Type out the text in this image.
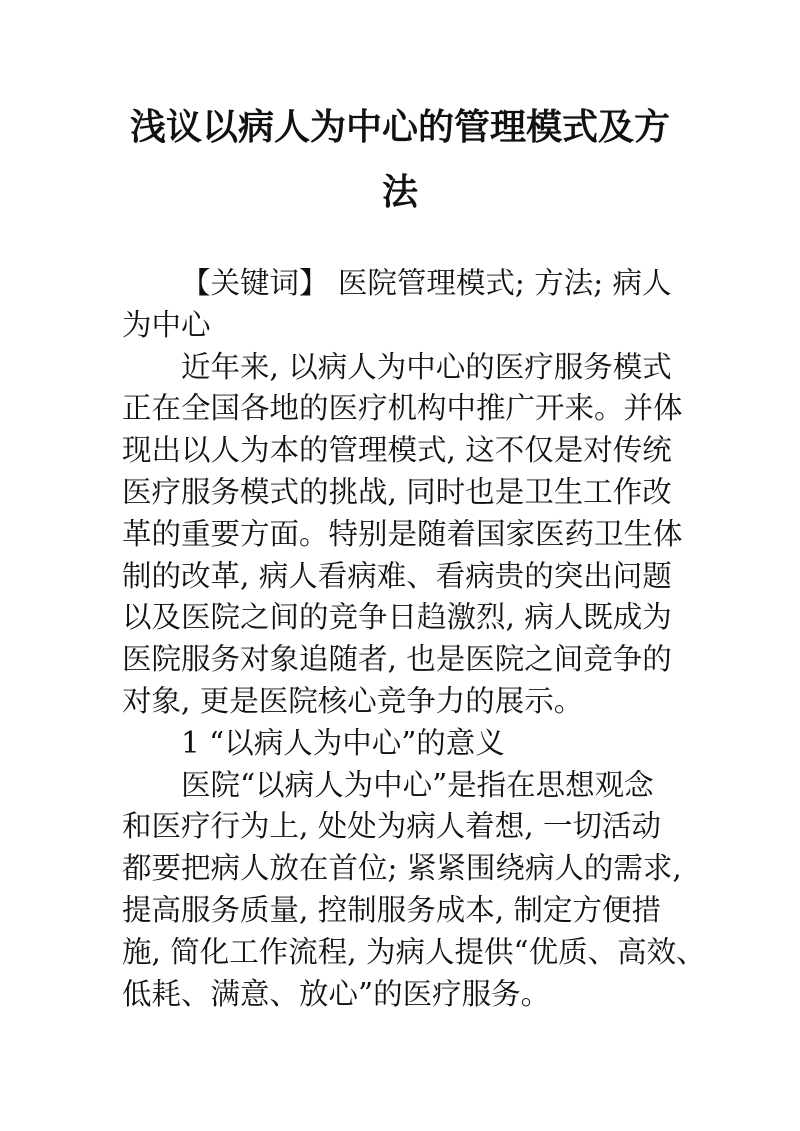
浅议以病人为中心的管理模式及方
法
【关键词】 医院管理模式; 方法; 病人
为中心
近年来, 以病人为中心的医疗服务模式
正在全国各地的医疗机构中推广开来。并体
现出以人为本的管理模式, 这不仅是对传统
医疗服务模式的挑战, 同时也是卫生工作改
革的重要方面。特别是随着国家医药卫生体
制的改革, 病人看病难、看病贵的突出问题
以及医院之间的竞争日趋激烈, 病人既成为
医院服务对象追随者, 也是医院之间竞争的
对象, 更是医院核心竞争力的展示。
1 “以病人为中心”的意义
医院“以病人为中心”是指在思想观念
和医疗行为上, 处处为病人着想, 一切活动
都要把病人放在首位; 紧紧围绕病人的需求,
提高服务质量, 控制服务成本, 制定方便措
施, 简化工作流程, 为病人提供“优质、高效、
低耗、满意、放心”的医疗服务。
